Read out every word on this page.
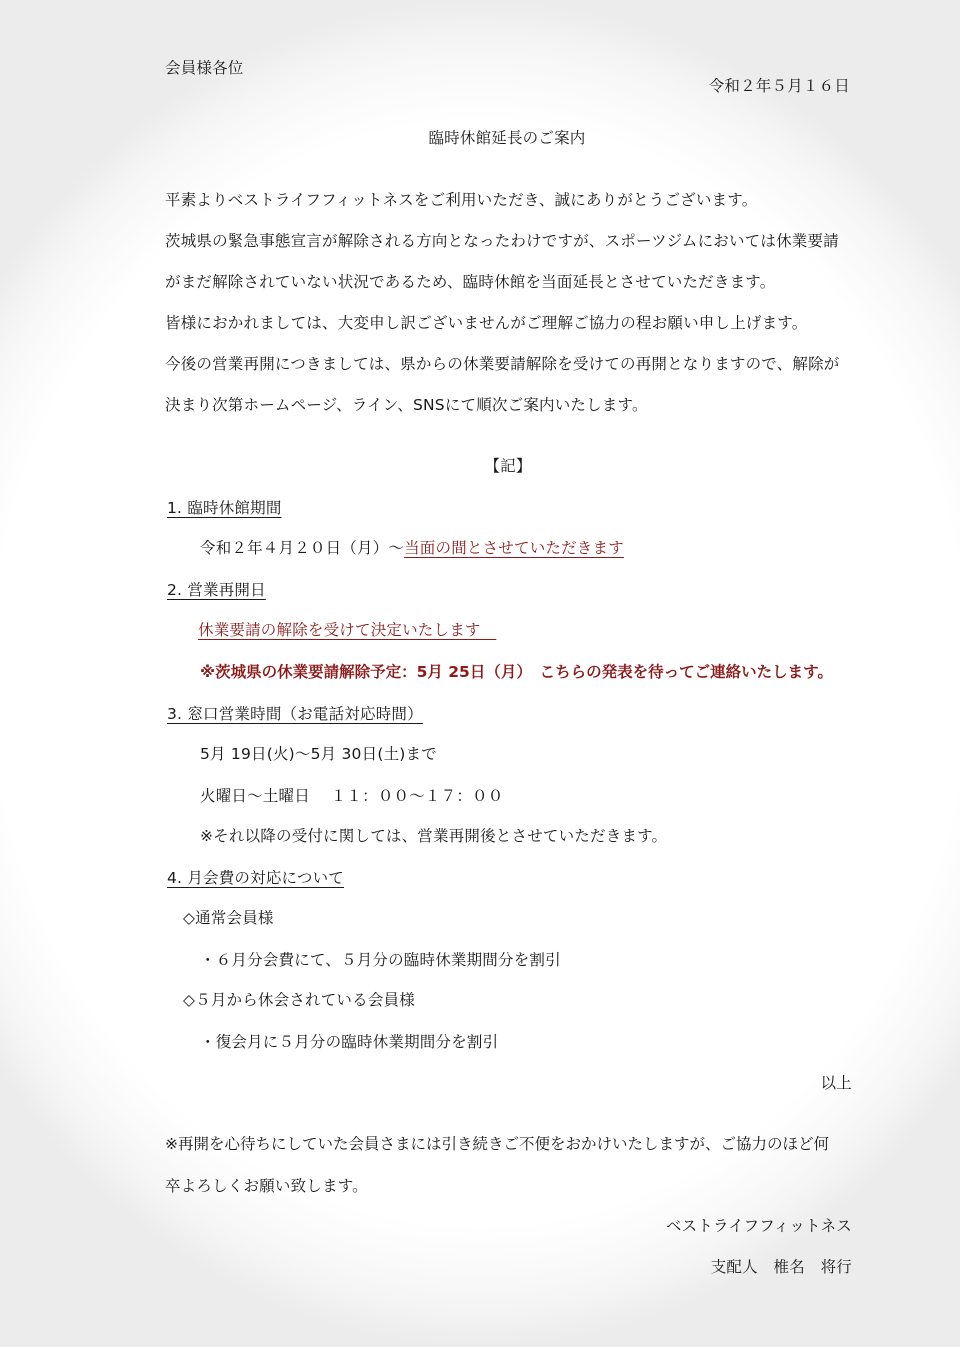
会員様各位
令和２年５月１６日
臨時休館延長のご案内
平素よりベストライフフィットネスをご利用いただき、誠にありがとうございます。
茨城県の緊急事態宣言が解除される方向となったわけですが、スポーツジムにおいては休業要請
がまだ解除されていない状況であるため、臨時休館を当面延長とさせていただきます。
皆様におかれましては、大変申し訳ございませんがご理解ご協力の程お願い申し上げます。
今後の営業再開につきましては、県からの休業要請解除を受けての再開となりますので、解除が
決まり次第ホームページ、ライン、SNSにて順次ご案内いたします。
【記】
1. 臨時休館期間
令和２年４月２０日（月）～当面の間とさせていただきます
2. 営業再開日
休業要請の解除を受けて決定いたします　
※茨城県の休業要請解除予定：5月 25日（月）　こちらの発表を待ってご連絡いたします。
3. 窓口営業時間（お電話対応時間）
5月 19日(火)～5月 30日(土)まで
火曜日～土曜日　 １１：００～１７：００
※それ以降の受付に関しては、営業再開後とさせていただきます。
4. 月会費の対応について
◇通常会員様
・６月分会費にて、５月分の臨時休業期間分を割引
◇５月から休会されている会員様
・復会月に５月分の臨時休業期間分を割引
以上
※再開を心待ちにしていた会員さまには引き続きご不便をおかけいたしますが、ご協力のほど何
卒よろしくお願い致します。
ベストライフフィットネス
支配人　椎名　将行
